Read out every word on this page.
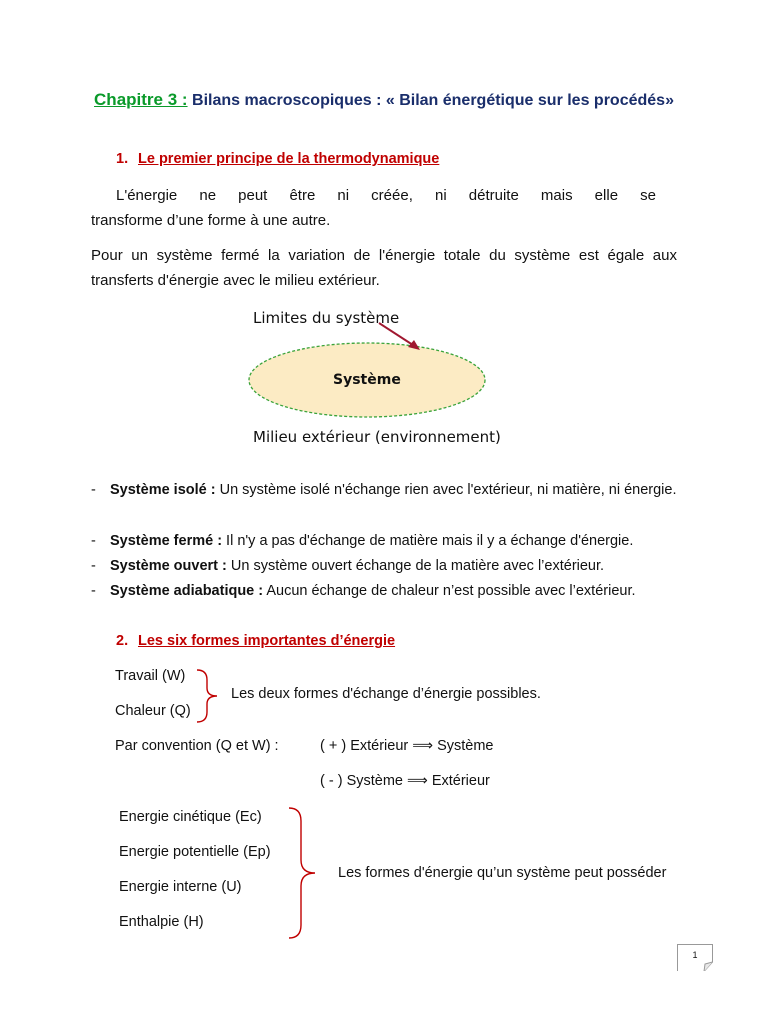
Chapitre 3 : Bilans macroscopiques : « Bilan énergétique sur les procédés»
1. Le premier principe de la thermodynamique
L'énergie ne peut être ni créée, ni détruite mais elle se
transforme d’une forme à une autre.
Pour un système fermé la variation de l'énergie totale du système est égale aux transferts d'énergie avec le milieu extérieur.
Limites du système
Système
Milieu extérieur (environnement)
- Système isolé : Un système isolé n'échange rien avec l'extérieur, ni matière, ni énergie.
- Système fermé : Il n'y a pas d'échange de matière mais il y a échange d'énergie.
- Système ouvert : Un système ouvert échange de la matière avec l’extérieur.
- Système adiabatique : Aucun échange de chaleur n’est possible avec l’extérieur.
2. Les six formes importantes d’énergie
Travail (W)
Chaleur (Q)
Les deux formes d'échange d’énergie possibles.
Par convention (Q et W) :	( + ) Extérieur ⟹ Système
( - ) Système ⟹ Extérieur
Energie cinétique (Ec)
Energie potentielle (Ep)
Energie interne (U)
Enthalpie (H)
Les formes d'énergie qu’un système peut posséder
1
